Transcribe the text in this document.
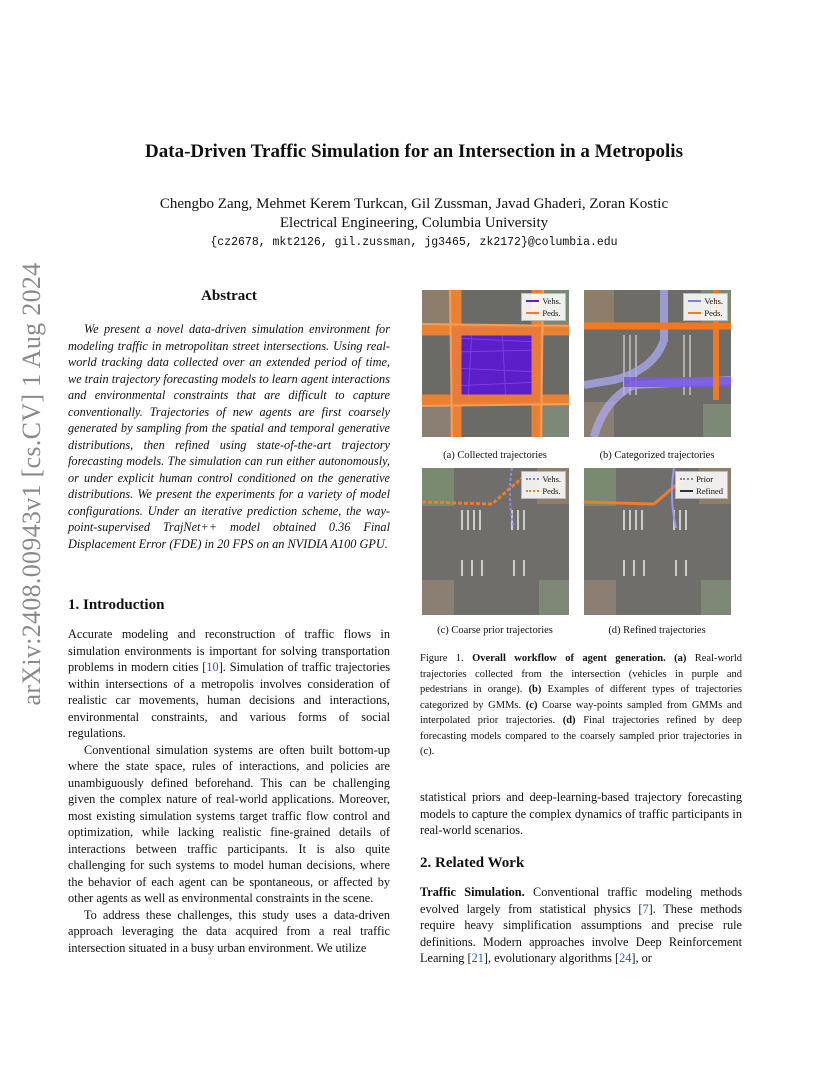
arXiv:2408.00943v1 [cs.CV] 1 Aug 2024
Data-Driven Traffic Simulation for an Intersection in a Metropolis
Chengbo Zang, Mehmet Kerem Turkcan, Gil Zussman, Javad Ghaderi, Zoran Kostic
Electrical Engineering, Columbia University
{cz2678, mkt2126, gil.zussman, jg3465, zk2172}@columbia.edu
Abstract
We present a novel data-driven simulation environment for modeling traffic in metropolitan street intersections. Using real-world tracking data collected over an extended period of time, we train trajectory forecasting models to learn agent interactions and environmental constraints that are difficult to capture conventionally. Trajectories of new agents are first coarsely generated by sampling from the spatial and temporal generative distributions, then refined using state-of-the-art trajectory forecasting models. The simulation can run either autonomously, or under explicit human control conditioned on the generative distributions. We present the experiments for a variety of model configurations. Under an iterative prediction scheme, the way-point-supervised TrajNet++ model obtained 0.36 Final Displacement Error (FDE) in 20 FPS on an NVIDIA A100 GPU.
1. Introduction

Accurate modeling and reconstruction of traffic flows in simulation environments is important for solving transportation problems in modern cities [10]. Simulation of traffic trajectories within intersections of a metropolis involves consideration of realistic car movements, human decisions and interactions, environmental constraints, and various forms of social regulations.

Conventional simulation systems are often built bottom-up where the state space, rules of interactions, and policies are unambiguously defined beforehand. This can be challenging given the complex nature of real-world applications. Moreover, most existing simulation systems target traffic flow control and optimization, while lacking realistic fine-grained details of interactions between traffic participants. It is also quite challenging for such systems to model human decisions, where the behavior of each agent can be spontaneous, or affected by other agents as well as environmental constraints in the scene.

To address these challenges, this study uses a data-driven approach leveraging the data acquired from a real traffic intersection situated in a busy urban environment. We utilize

Vehs.
Peds.
(a) Collected trajectories
Vehs.
Peds.
(b) Categorized trajectories
Vehs.
Peds.
(c) Coarse prior trajectories
Prior
Refined
(d) Refined trajectories
Figure 1. Overall workflow of agent generation. (a) Real-world trajectories collected from the intersection (vehicles in purple and pedestrians in orange). (b) Examples of different types of trajectories categorized by GMMs. (c) Coarse way-points sampled from GMMs and interpolated prior trajectories. (d) Final trajectories refined by deep forecasting models compared to the coarsely sampled prior trajectories in (c).
statistical priors and deep-learning-based trajectory forecasting models to capture the complex dynamics of traffic participants in real-world scenarios.
2. Related Work
Traffic Simulation. Conventional traffic modeling methods evolved largely from statistical physics [7]. These methods require heavy simplification assumptions and precise rule definitions. Modern approaches involve Deep Reinforcement Learning [21], evolutionary algorithms [24], or
